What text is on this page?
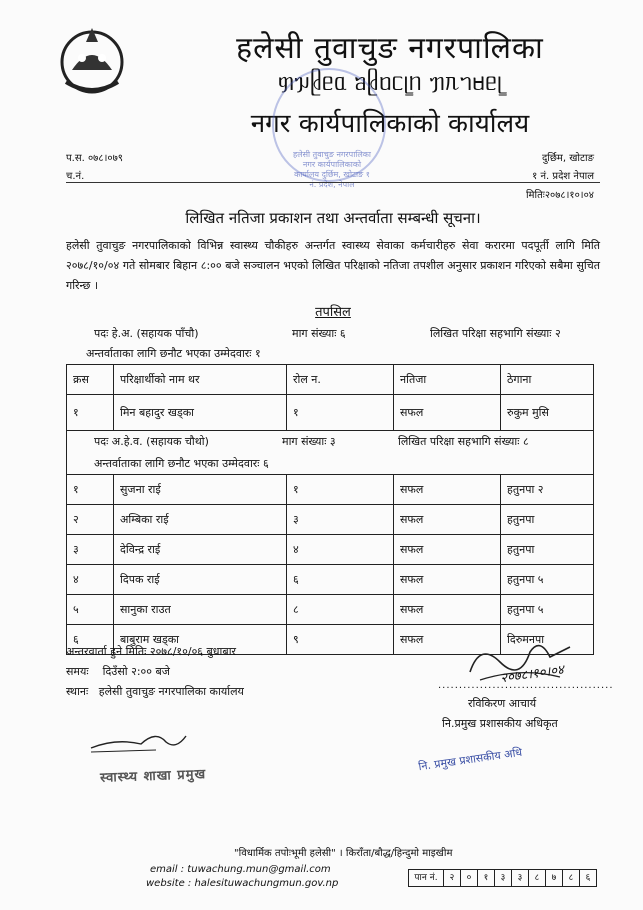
हलेसी तुवाचुङ नगरपालिका
ᥞᥭᥪᥱᥲ ᥑᥪᥝᥴᥧᥒ ᥟᥰᥐᥛᥱᥧ
नगर कार्यपालिकाको कार्यालय
हलेसी तुवाचुङ नगरपालिका नगर कार्यपालिकाको कार्यालय दुर्छिम, खोटाङ १ नं. प्रदेश, नेपाल
प.स. ०७८।०७९
च.नं.
दुर्छिम, खोटाङ
१ नं. प्रदेश नेपाल
मितिः२०७८।१०।०४
लिखित नतिजा प्रकाशन तथा अन्तर्वाता सम्बन्धी सूचना।
हलेसी तुवाचुङ नगरपालिकाको विभिन्न स्वास्थ्य चौकीहरु अन्तर्गत स्वास्थ्य सेवाका कर्मचारीहरु सेवा करारमा पदपूर्ती लागि मिति २०७८/१०/०४ गते सोमबार बिहान ८:०० बजे सञ्चालन भएको लिखित परिक्षाको नतिजा तपशील अनुसार प्रकाशन गरिएको सबैमा सुचित गरिन्छ ।
तपसिल
पदः हे.अ. (सहायक पाँचौ)	माग संख्याः ६	लिखित परिक्षा सहभागि संख्याः २
अन्तर्वाताका लागि छनौट भएका उम्मेदवारः १
क्रस	परिक्षार्थीको नाम थर	रोल न.	नतिजा	ठेगाना
१	मिन बहादुर खड्का	१	सफल	रुकुम मुसि
पदः अ.हे.व. (सहायक चौथो)	माग संख्याः ३	लिखित परिक्षा सहभागि संख्याः ८
अन्तर्वाताका लागि छनौट भएका उम्मेदवारः ६
१	सुजना राई	१	सफल	हतुनपा २
२	अम्बिका राई	३	सफल	हतुनपा
३	देविन्द्र राई	४	सफल	हतुनपा
४	दिपक राई	६	सफल	हतुनपा ५
५	सानुका राउत	८	सफल	हतुनपा ५
६	बाबुराम खड्का	९	सफल	दिरुमनपा
अन्तरवार्ता हुने मितिः २०७८/१०/०६ बुधाबार
समयः    दिउँसो २:०० बजे
स्थानः   हलेसी तुवाचुङ नगरपालिका कार्यालय
२०७८।१०।०४
..........................................
रविकिरण आचार्य
नि.प्रमुख प्रशासकीय अधिकृत
स्वास्थ्य शाखा प्रमुख
नि. प्रमुख प्रशासकीय अधि
"विधार्मिक तपोःभूमी हलेसी" । किराँता/बौद्ध/हिन्दुमो माइखीम
email : tuwachung.mun@gmail.com
website : halesituwachungmun.gov.np	पान नं.	२	०	१	३	३	८	७	८	६
